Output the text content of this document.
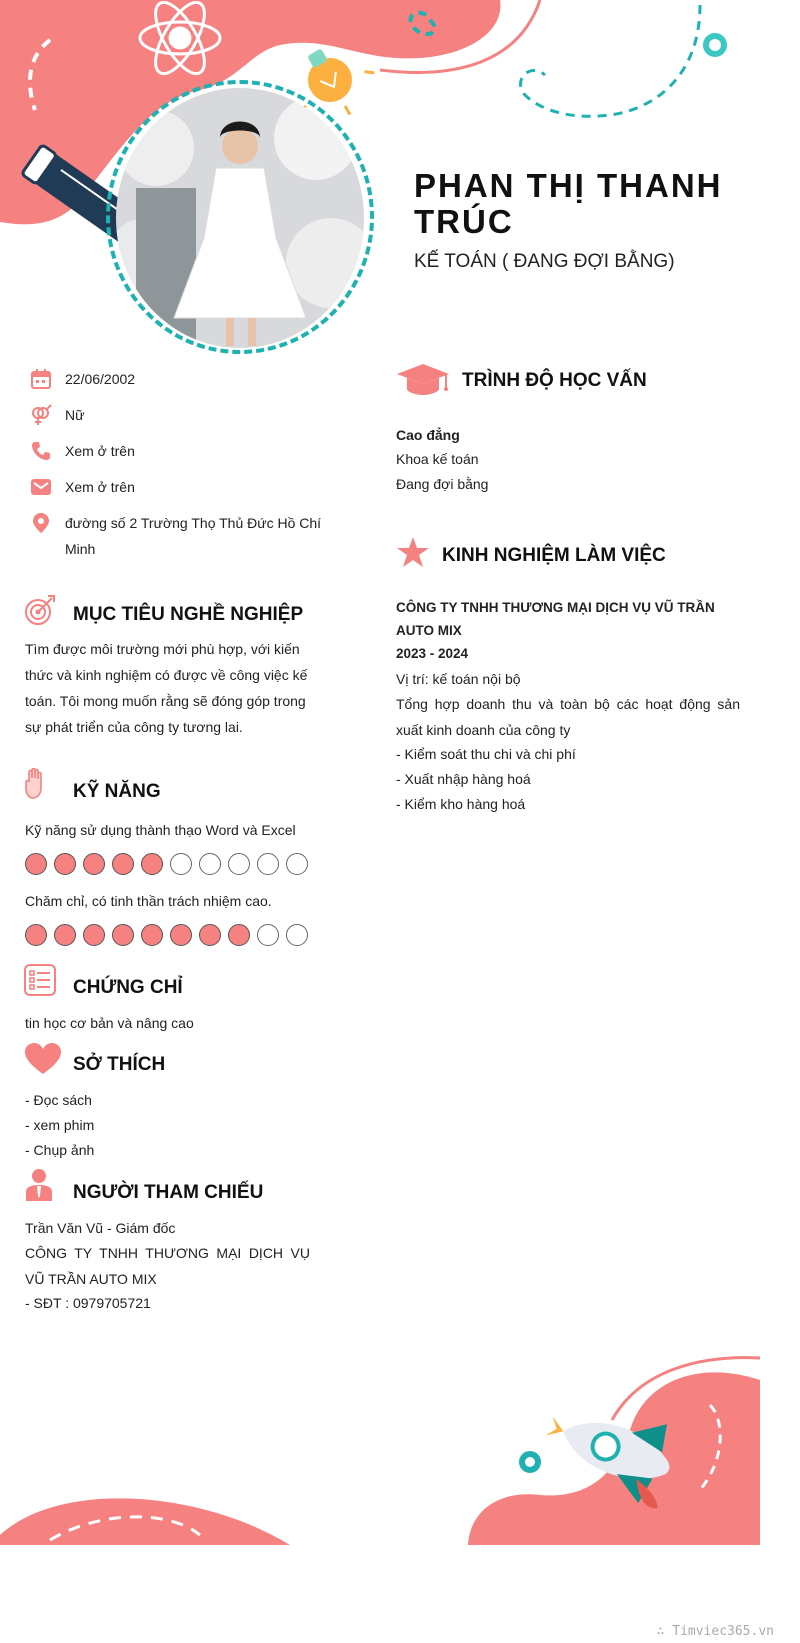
PHAN THỊ THANH TRÚC
KẾ TOÁN ( ĐANG ĐỢI BẰNG)
22/06/2002
Nữ
Xem ở trên
Xem ở trên
đường số 2 Trường Thọ Thủ Đức Hồ Chí Minh
MỤC TIÊU NGHỀ NGHIỆP
Tìm được môi trường mới phù hợp, với kiến thức và kinh nghiệm có được về công việc kế toán. Tôi mong muốn rằng sẽ đóng góp trong sự phát triển của công ty tương lai.
KỸ NĂNG
Kỹ năng sử dụng thành thạo Word và Excel
Chăm chỉ, có tinh thần trách nhiệm cao.
CHỨNG CHỈ
tin học cơ bản và nâng cao
SỞ THÍCH
- Đọc sách
- xem phim
- Chụp ảnh
NGƯỜI THAM CHIẾU
Trần Văn Vũ - Giám đốc
CÔNG TY TNHH THƯƠNG MẠI DỊCH VỤ VŨ TRẦN AUTO MIX
- SĐT : 0979705721
TRÌNH ĐỘ HỌC VẤN
Cao đẳng
Khoa kế toán
Đang đợi bằng
KINH NGHIỆM LÀM VIỆC
CÔNG TY TNHH THƯƠNG MẠI DỊCH VỤ VŨ TRẦN AUTO MIX
2023 - 2024
Vị trí: kế toán nội bộ
Tổng hợp doanh thu và toàn bộ các hoạt động sản xuất kinh doanh của công ty
- Kiểm soát thu chi và chi phí
- Xuất nhập hàng hoá
- Kiểm kho hàng hoá
∴ Timviec365.vn
